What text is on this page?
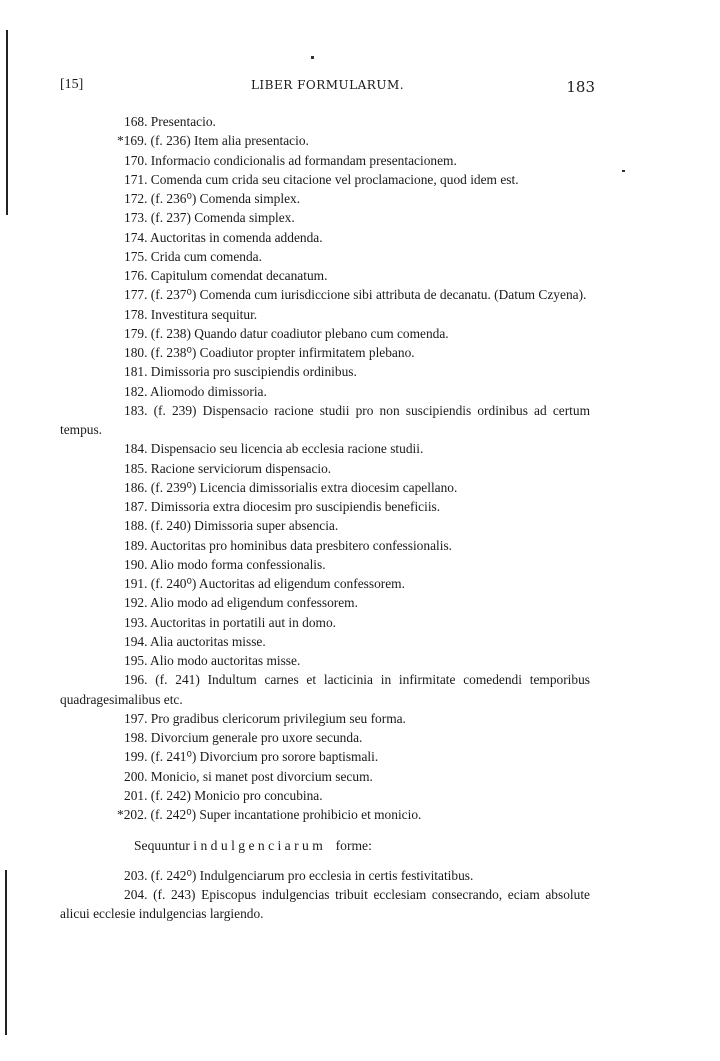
[15]	LIBER FORMULARUM.	183
168. Presentacio.
*169. (f. 236) Item alia presentacio.
170. Informacio condicionalis ad formandam presentacionem.
171. Comenda cum crida seu citacione vel proclamacione, quod idem est.
172. (f. 236⁰) Comenda simplex.
173. (f. 237) Comenda simplex.
174. Auctoritas in comenda addenda.
175. Crida cum comenda.
176. Capitulum comendat decanatum.
177. (f. 237⁰) Comenda cum iurisdiccione sibi attributa de decanatu. (Datum Czyena).
178. Investitura sequitur.
179. (f. 238) Quando datur coadiutor plebano cum comenda.
180. (f. 238⁰) Coadiutor propter infirmitatem plebano.
181. Dimissoria pro suscipiendis ordinibus.
182. Aliomodo dimissoria.
183. (f. 239) Dispensacio racione studii pro non suscipiendis ordinibus ad certum tempus.
184. Dispensacio seu licencia ab ecclesia racione studii.
185. Racione serviciorum dispensacio.
186. (f. 239⁰) Licencia dimissorialis extra diocesim capellano.
187. Dimissoria extra diocesim pro suscipiendis beneficiis.
188. (f. 240) Dimissoria super absencia.
189. Auctoritas pro hominibus data presbitero confessionalis.
190. Alio modo forma confessionalis.
191. (f. 240⁰) Auctoritas ad eligendum confessorem.
192. Alio modo ad eligendum confessorem.
193. Auctoritas in portatili aut in domo.
194. Alia auctoritas misse.
195. Alio modo auctoritas misse.
196. (f. 241) Indultum carnes et lacticinia in infirmitate comedendi temporibus quadragesimalibus etc.
197. Pro gradibus clericorum privilegium seu forma.
198. Divorcium generale pro uxore secunda.
199. (f. 241⁰) Divorcium pro sorore baptismali.
200. Monicio, si manet post divorcium secum.
201. (f. 242) Monicio pro concubina.
*202. (f. 242⁰) Super incantatione prohibicio et monicio.
Sequuntur indulgenciarum forme:
203. (f. 242⁰) Indulgenciarum pro ecclesia in certis festivitatibus.
204. (f. 243) Episcopus indulgencias tribuit ecclesiam consecrando, eciam absolute alicui ecclesie indulgencias largiendo.
